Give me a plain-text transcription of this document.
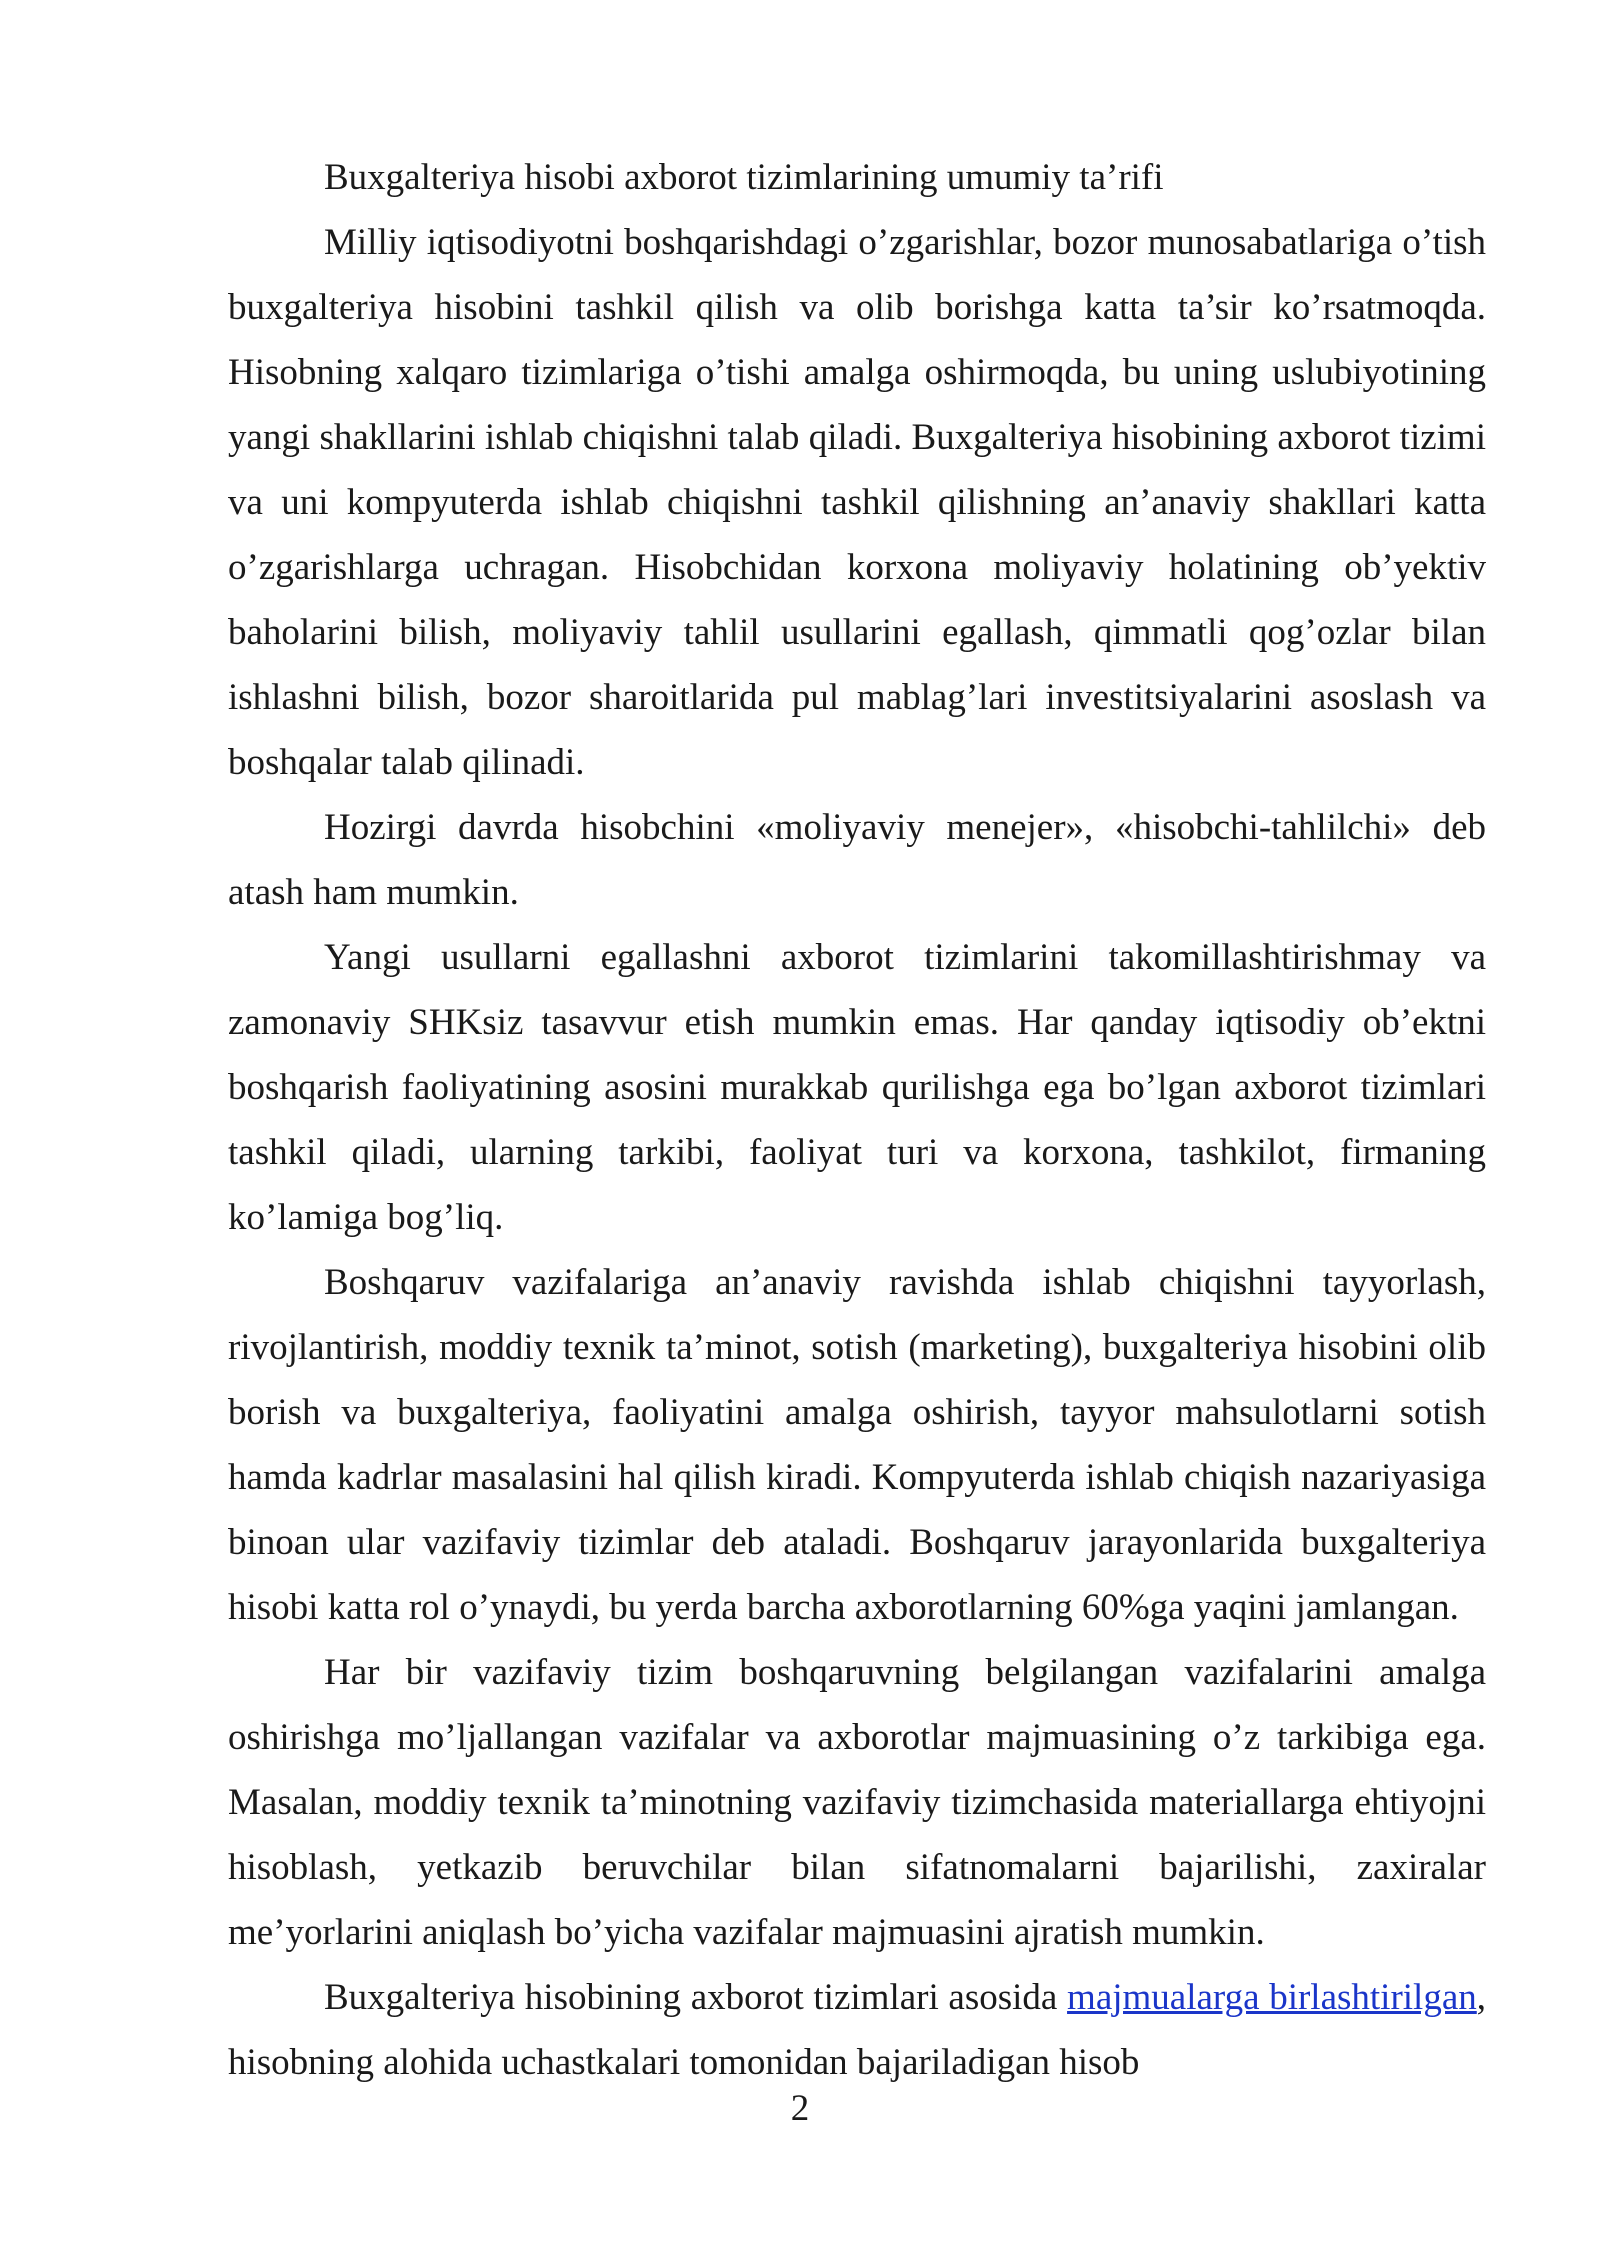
Buxgalteriya hisobi axborot tizimlarining umumiy ta’rifi

Milliy iqtisodiyotni boshqarishdagi o’zgarishlar, bozor munosabatlariga o’tish buxgalteriya hisobini tashkil qilish va olib borishga katta ta’sir ko’rsatmoqda. Hisobning xalqaro tizimlariga o’tishi amalga oshirmoqda, bu uning uslubiyotining yangi shakllarini ishlab chiqishni talab qiladi. Buxgalteriya hisobining axborot tizimi va uni kompyuterda ishlab chiqishni tashkil qilishning an’anaviy shakllari katta o’zgarishlarga uchragan. Hisobchidan korxona moliyaviy holatining ob’yektiv baholarini bilish, moliyaviy tahlil usullarini egallash, qimmatli qog’ozlar bilan ishlashni bilish, bozor sharoitlarida pul mablag’lari investitsiyalarini asoslash va boshqalar talab qilinadi.

Hozirgi davrda hisobchini «moliyaviy menejer», «hisobchi-tahlilchi» deb atash ham mumkin.

Yangi usullarni egallashni axborot tizimlarini takomillashtirishmay va zamonaviy SHKsiz tasavvur etish mumkin emas. Har qanday iqtisodiy ob’ektni boshqarish faoliyatining asosini murakkab qurilishga ega bo’lgan axborot tizimlari tashkil qiladi, ularning tarkibi, faoliyat turi va korxona, tashkilot, firmaning ko’lamiga bog’liq.

Boshqaruv vazifalariga an’anaviy ravishda ishlab chiqishni tayyorlash, rivojlantirish, moddiy texnik ta’minot, sotish (marketing), buxgalteriya hisobini olib borish va buxgalteriya, faoliyatini amalga oshirish, tayyor mahsulotlarni sotish hamda kadrlar masalasini hal qilish kiradi. Kompyuterda ishlab chiqish nazariyasiga binoan ular vazifaviy tizimlar deb ataladi. Boshqaruv jarayonlarida buxgalteriya hisobi katta rol o’ynaydi, bu yerda barcha axborotlarning 60%ga yaqini jamlangan.

Har bir vazifaviy tizim boshqaruvning belgilangan vazifalarini amalga oshirishga mo’ljallangan vazifalar va axborotlar majmuasining o’z tarkibiga ega. Masalan, moddiy texnik ta’minotning vazifaviy tizimchasida materiallarga ehtiyojni hisoblash, yetkazib beruvchilar bilan sifatnomalarni bajarilishi, zaxiralar me’yorlarini aniqlash bo’yicha vazifalar majmuasini ajratish mumkin.

Buxgalteriya hisobining axborot tizimlari asosida majmualarga birlashtirilgan, hisobning alohida uchastkalari tomonidan bajariladigan hisob

2
